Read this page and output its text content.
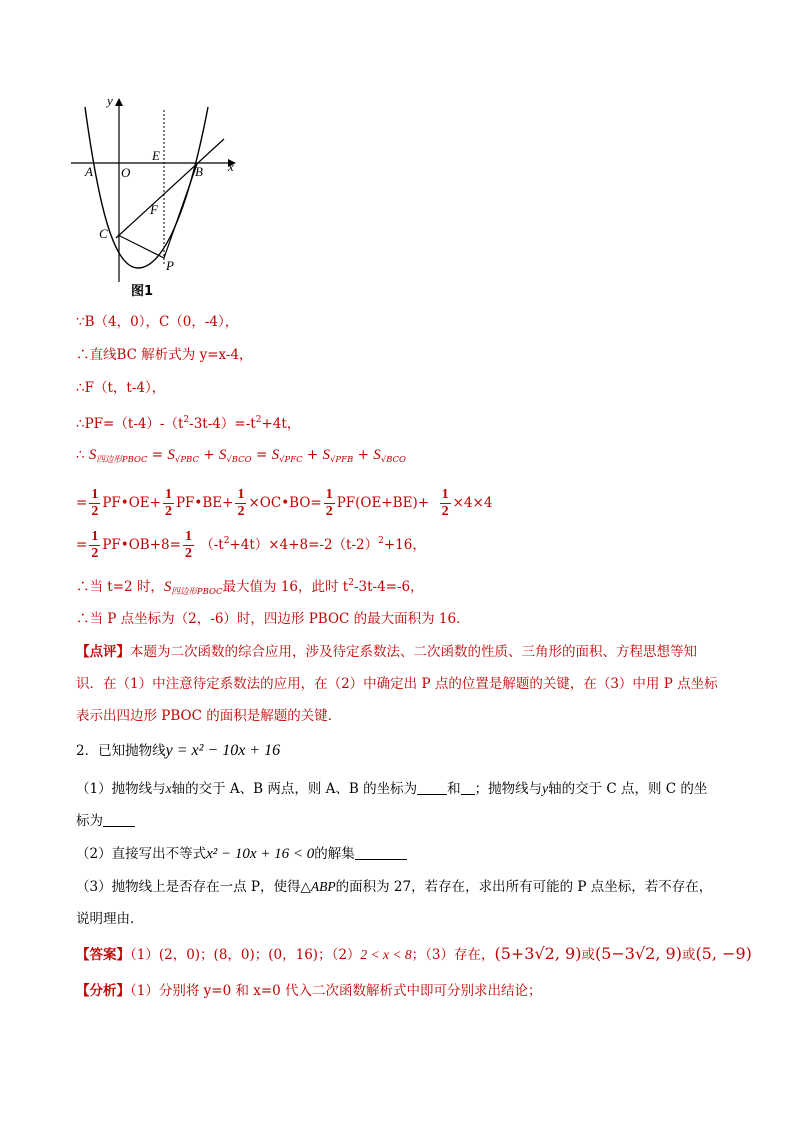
y
x
A O	B
E
F
C
P
图1
∵B（4，0），C（0，-4），
∴直线BC 解析式为 y=x-4，
∴F（t，t-4），
$\therefore PF=(t-4)-(t^2-3t-4)=-t^2+4t$，
∴ $S_{四边形PBOC} = S_{√PBC} + S_{√BCO} = S_{√PFC} + S_{√PFB} + S_{√BCO}$
= $\frac{1}{2}$ PF•OE+ $\frac{1}{2}$ PF•BE+ $\frac{1}{2}$ ×OC•BO= $\frac{1}{2} PF(OE+BE)+ \frac{1}{2} \times 4\times 4$
= $\frac{1}{2}$ PF•OB+8= $\frac{1}{2} (-t^2+4t)\times 4+8=-2(t-2)^2+16$，
∴当 t=2 时，$S_{四边形PBOC}$最大值为 16，此时 $t^2-3t-4=-6$，
∴当 P 点坐标为（2，-6）时，四边形 PBOC 的最大面积为 16．
【点评】本题为二次函数的综合应用，涉及待定系数法、二次函数的性质、三角形的面积、方程思想等知
识．在（1）中注意待定系数法的应用，在（2）中确定出 P 点的位置是解题的关键，在（3）中用 P 点坐标
表示出四边形 PBOC 的面积是解题的关键．
2．已知抛物线y = x² − 10x + 16
（1）抛物线与x轴的交于 A、B 两点，则 A、B 的坐标为 和 ；抛物线与y轴的交于 C 点，则 C 的坐
标为
（2）直接写出不等式x² − 10x + 16 < 0的解集
（3）抛物线上是否存在一点 P，使得△ABP的面积为 27，若存在，求出所有可能的 P 点坐标，若不存在，
说明理由．
【答案】（1）(2，0)；(8，0)；(0，16)；（2）2 < x < 8；（3）存在，(5+3√2, 9)或(5−3√2, 9)或(5, −9)
【分析】（1）分别将 y=0 和 x=0 代入二次函数解析式中即可分别求出结论；
